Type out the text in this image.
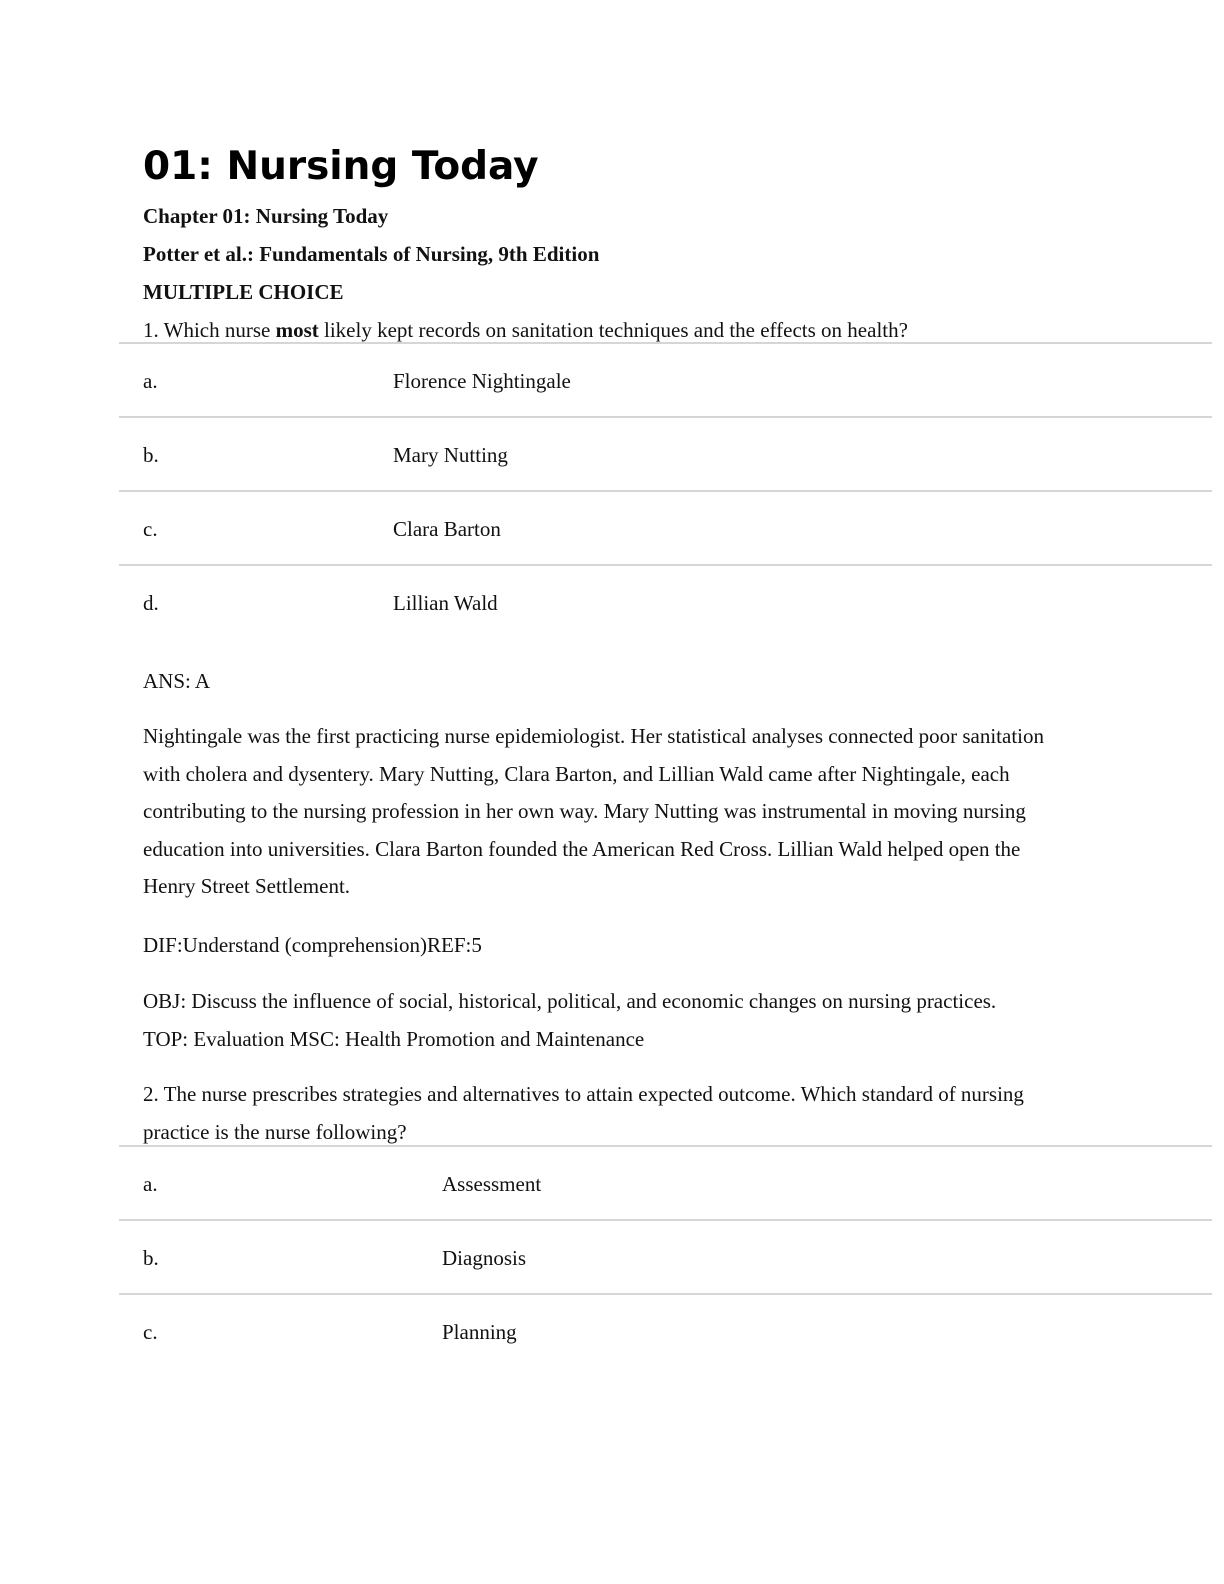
01: Nursing Today
Chapter 01: Nursing Today
Potter et al.: Fundamentals of Nursing, 9th Edition
MULTIPLE CHOICE
1. Which nurse most likely kept records on sanitation techniques and the effects on health?
a.	Florence Nightingale
b.	Mary Nutting
c.	Clara Barton
d.	Lillian Wald
ANS: A

Nightingale was the first practicing nurse epidemiologist. Her statistical analyses connected poor sanitation with cholera and dysentery. Mary Nutting, Clara Barton, and Lillian Wald came after Nightingale, each contributing to the nursing profession in her own way. Mary Nutting was instrumental in moving nursing education into universities. Clara Barton founded the American Red Cross. Lillian Wald helped open the Henry Street Settlement.

DIF:Understand (comprehension)REF:5
OBJ: Discuss the influence of social, historical, political, and economic changes on nursing practices.
TOP: Evaluation MSC: Health Promotion and Maintenance
2. The nurse prescribes strategies and alternatives to attain expected outcome. Which standard of nursing practice is the nurse following?
a.	Assessment
b.	Diagnosis
c.	Planning
